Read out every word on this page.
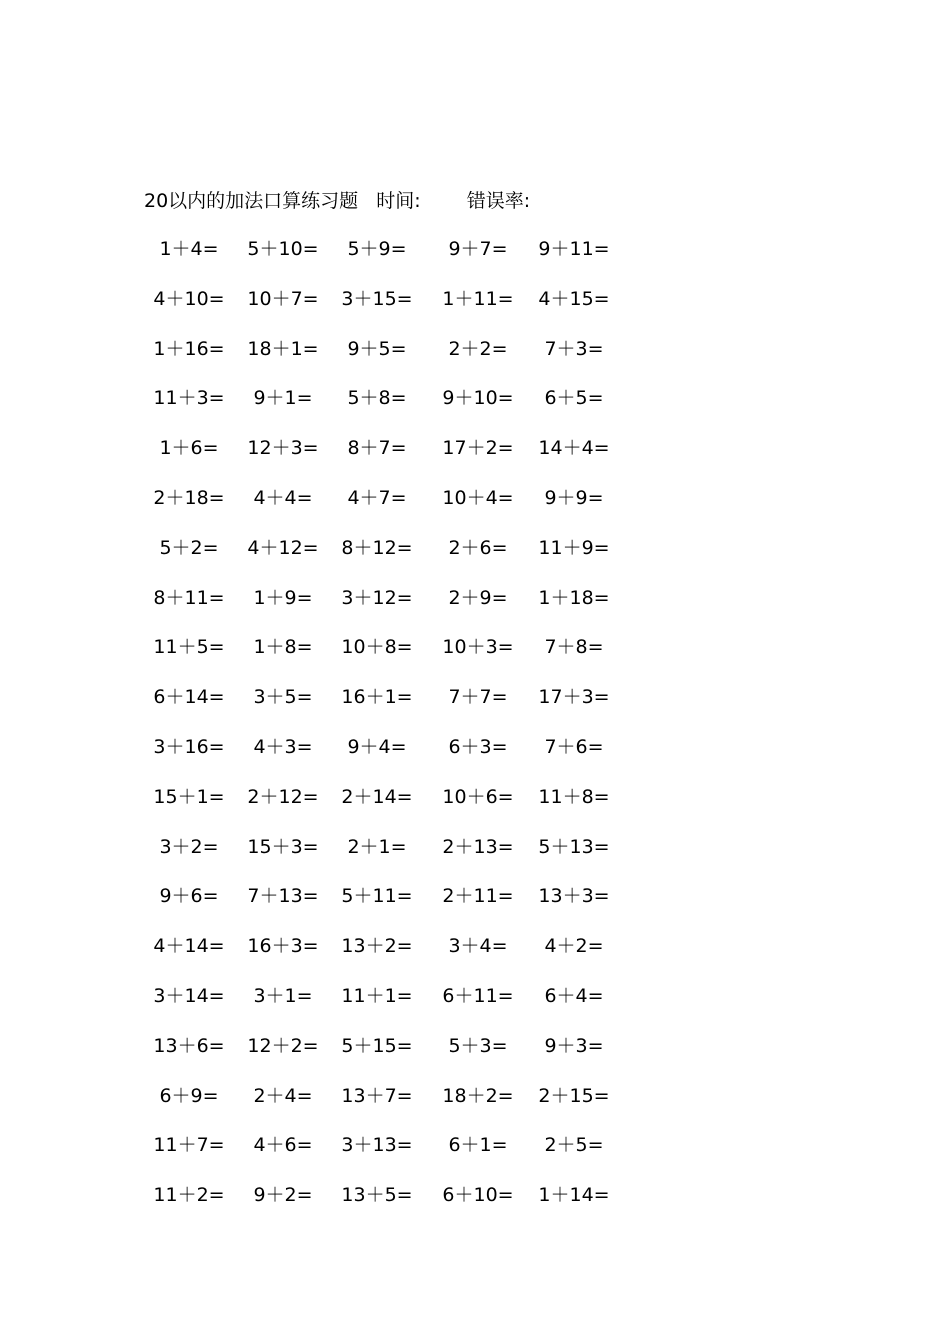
20以内的加法口算练习题 时间: 错误率:
1＋4=	5＋10=	5＋9=	9＋7=	9＋11=
4＋10=	10＋7=	3＋15=	1＋11=	4＋15=
1＋16=	18＋1=	9＋5=	2＋2=	7＋3=
11＋3=	9＋1=	5＋8=	9＋10=	6＋5=
1＋6=	12＋3=	8＋7=	17＋2=	14＋4=
2＋18=	4＋4=	4＋7=	10＋4=	9＋9=
5＋2=	4＋12=	8＋12=	2＋6=	11＋9=
8＋11=	1＋9=	3＋12=	2＋9=	1＋18=
11＋5=	1＋8=	10＋8=	10＋3=	7＋8=
6＋14=	3＋5=	16＋1=	7＋7=	17＋3=
3＋16=	4＋3=	9＋4=	6＋3=	7＋6=
15＋1=	2＋12=	2＋14=	10＋6=	11＋8=
3＋2=	15＋3=	2＋1=	2＋13=	5＋13=
9＋6=	7＋13=	5＋11=	2＋11=	13＋3=
4＋14=	16＋3=	13＋2=	3＋4=	4＋2=
3＋14=	3＋1=	11＋1=	6＋11=	6＋4=
13＋6=	12＋2=	5＋15=	5＋3=	9＋3=
6＋9=	2＋4=	13＋7=	18＋2=	2＋15=
11＋7=	4＋6=	3＋13=	6＋1=	2＋5=
11＋2=	9＋2=	13＋5=	6＋10=	1＋14=
